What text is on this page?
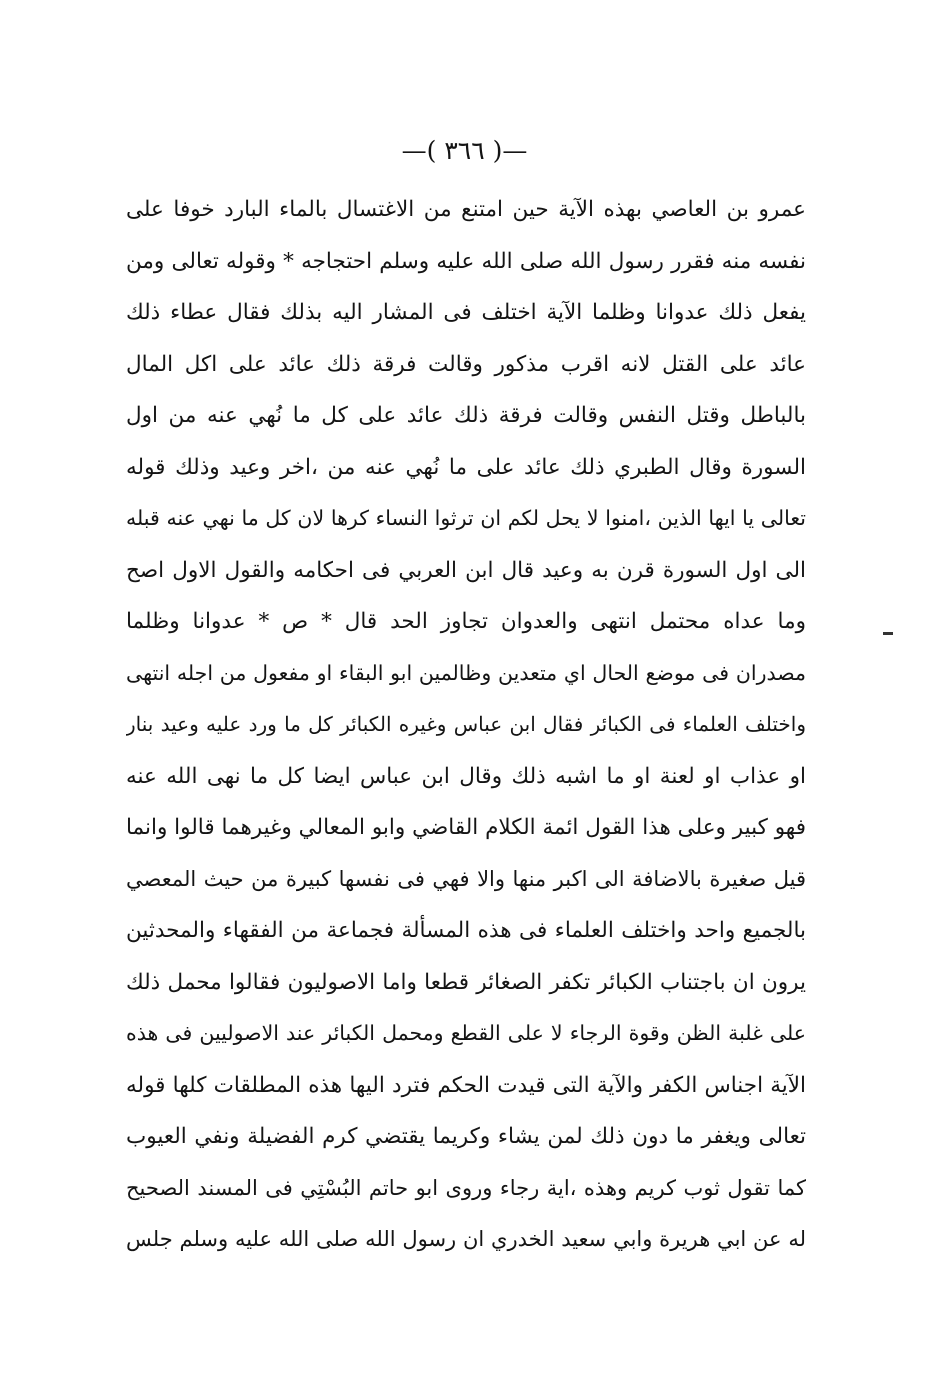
—( ٣٦٦ )—
عمرو بن العاصي بهذه الآية حين امتنع من الاغتسال بالماء البارد خوفا على
نفسه منه فقرر رسول الله صلى الله عليه وسلم احتجاجه * وقوله تعالى ومن
يفعل ذلك عدوانا وظلما الآية اختلف فى المشار اليه بذلك فقال عطاء ذلك
عائد على القتل لانه اقرب مذكور وقالت فرقة ذلك عائد على اكل المال
بالباطل وقتل النفس وقالت فرقة ذلك عائد على كل ما نُهي عنه من اول
السورة وقال الطبري ذلك عائد على ما نُهي عنه من ،اخر وعيد وذلك قوله
تعالى يا ايها الذين ،امنوا لا يحل لكم ان ترثوا النساء كرها لان كل ما نهي عنه قبله
الى اول السورة قرن به وعيد قال ابن العربي فى احكامه والقول الاول اصح
وما عداه محتمل انتهى والعدوان تجاوز الحد قال * ص * عدوانا وظلما
مصدران فى موضع الحال اي متعدين وظالمين ابو البقاء او مفعول من اجله انتهى
واختلف العلماء فى الكبائر فقال ابن عباس وغيره الكبائر كل ما ورد عليه وعيد بنار
او عذاب او لعنة او ما اشبه ذلك وقال ابن عباس ايضا كل ما نهى الله عنه
فهو كبير وعلى هذا القول ائمة الكلام القاضي وابو المعالي وغيرهما قالوا وانما
قيل صغيرة بالاضافة الى اكبر منها والا فهي فى نفسها كبيرة من حيث المعصي
بالجميع واحد واختلف العلماء فى هذه المسألة فجماعة من الفقهاء والمحدثين
يرون ان باجتناب الكبائر تكفر الصغائر قطعا واما الاصوليون فقالوا محمل ذلك
على غلبة الظن وقوة الرجاء لا على القطع ومحمل الكبائر عند الاصوليين فى هذه
الآية اجناس الكفر والآية التى قيدت الحكم فترد اليها هذه المطلقات كلها قوله
تعالى ويغفر ما دون ذلك لمن يشاء وكريما يقتضي كرم الفضيلة ونفي العيوب
كما تقول ثوب كريم وهذه ،اية رجاء وروى ابو حاتم البُسْتِي فى المسند الصحيح
له عن ابي هريرة وابي سعيد الخدري ان رسول الله صلى الله عليه وسلم جلس
